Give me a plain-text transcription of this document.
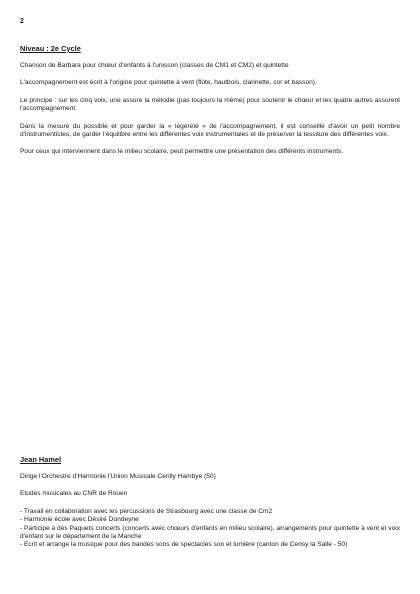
2
Niveau : 2e Cycle

Chanson de Barbara pour chœur d'enfants à l'unisson (classes de CM1 et CM2) et quintette

L'accompagnement est écrit à l'origine pour quintette à vent (flûte, hautbois, clarinette, cor et basson).

Le principe : sur les cinq voix, une assure la mélodie (pas toujours la même) pour soutenir le chœur et les quatre autres assurent l'accompagnement.

Dans la mesure du possible et pour garder la « légèreté » de l'accompagnement, il est conseillé d'avoir un petit nombre d'instrumentistes, de garder l'équilibre entre les différentes voix instrumentales et de préserver la tessiture des différentes voix.

Pour ceux qui interviennent dans le milieu scolaire, peut permettre une présentation des différents instruments.

Jean Hamel

Dirige l'Orchestre d'Harmonie l'Union Musicale Cerilly Hambye (50)

Etudes musicales au CNR de Rouen

- Travail en collaboration avec les percussions de Strasbourg avec une classe de Cm2
- Harmonie école avec Désiré Dondeyne
- Participe à des Paquets concerts (concerts avec chœurs d'enfants en milieu scolaire), arrangements pour quintette à vent et voix d'enfant sur le département de la Manche
- Ecrit et arrange la musique pour des bandes sons de spectacles son et lumière (canton de Cerisy la Salle - 50)
